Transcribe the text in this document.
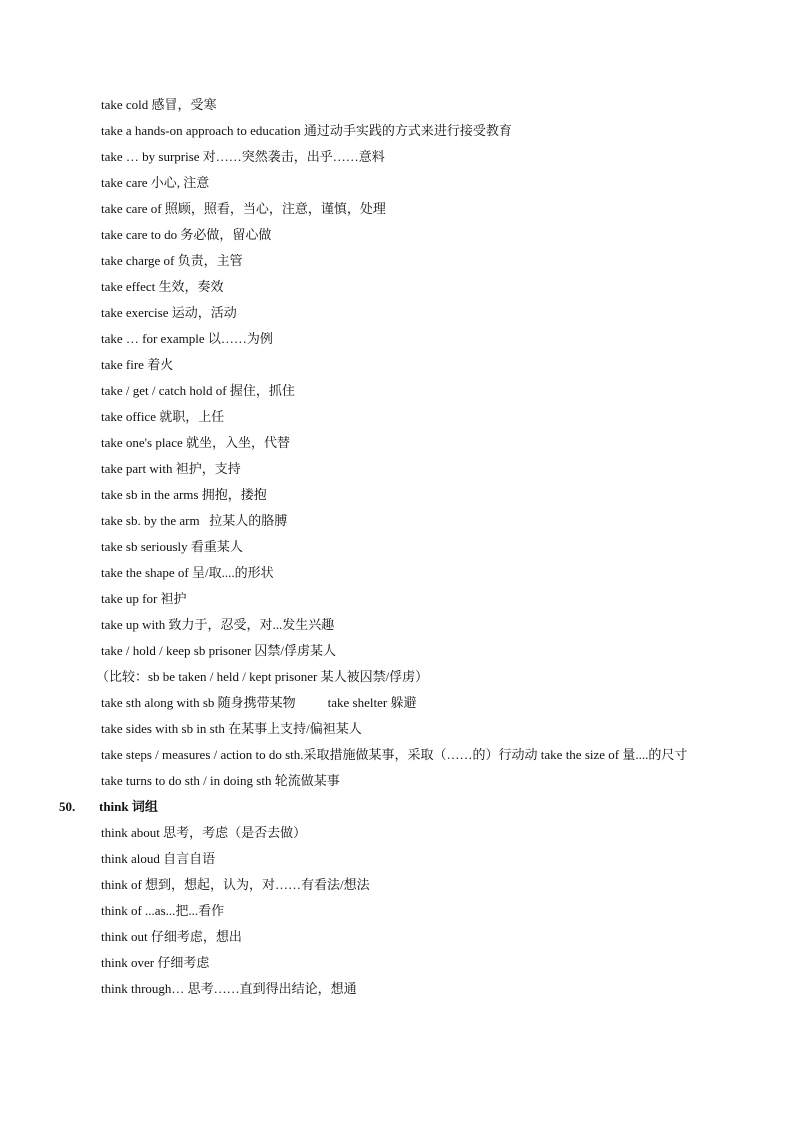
take cold 感冒，受寒
take a hands-on approach to education 通过动手实践的方式来进行接受教育
take … by surprise 对……突然袭击，出乎……意料
take care 小心, 注意
take care of 照顾，照看，当心，注意，谨慎，处理
take care to do 务必做，留心做
take charge of 负责，主管
take effect 生效，奏效
take exercise 运动，活动
take … for example 以……为例
take fire 着火
take / get / catch hold of 握住，抓住
take office 就职，上任
take one's place 就坐，入坐，代替
take part with 袒护，支持
take sb in the arms 拥抱，搂抱
take sb. by the arm   拉某人的胳膊
take sb seriously 看重某人
take the shape of 呈/取....的形状
take up for 袒护
take up with 致力于，忍受，对...发生兴趣
take / hold / keep sb prisoner 囚禁/俘虏某人
（比较：sb be taken / held / kept prisoner 某人被囚禁/俘虏）
take sth along with sb 随身携带某物 take shelter 躲避
take sides with sb in sth 在某事上支持/偏袒某人
take steps / measures / action to do sth.采取措施做某事，采取（……的）行动动 take the size of 量....的尺寸
take turns to do sth / in doing sth 轮流做某事
50. think 词组
think about 思考，考虑（是否去做）
think aloud 自言自语
think of 想到，想起，认为，对……有看法/想法
think of ...as...把...看作
think out 仔细考虑，想出
think over 仔细考虑
think through… 思考……直到得出结论，想通
